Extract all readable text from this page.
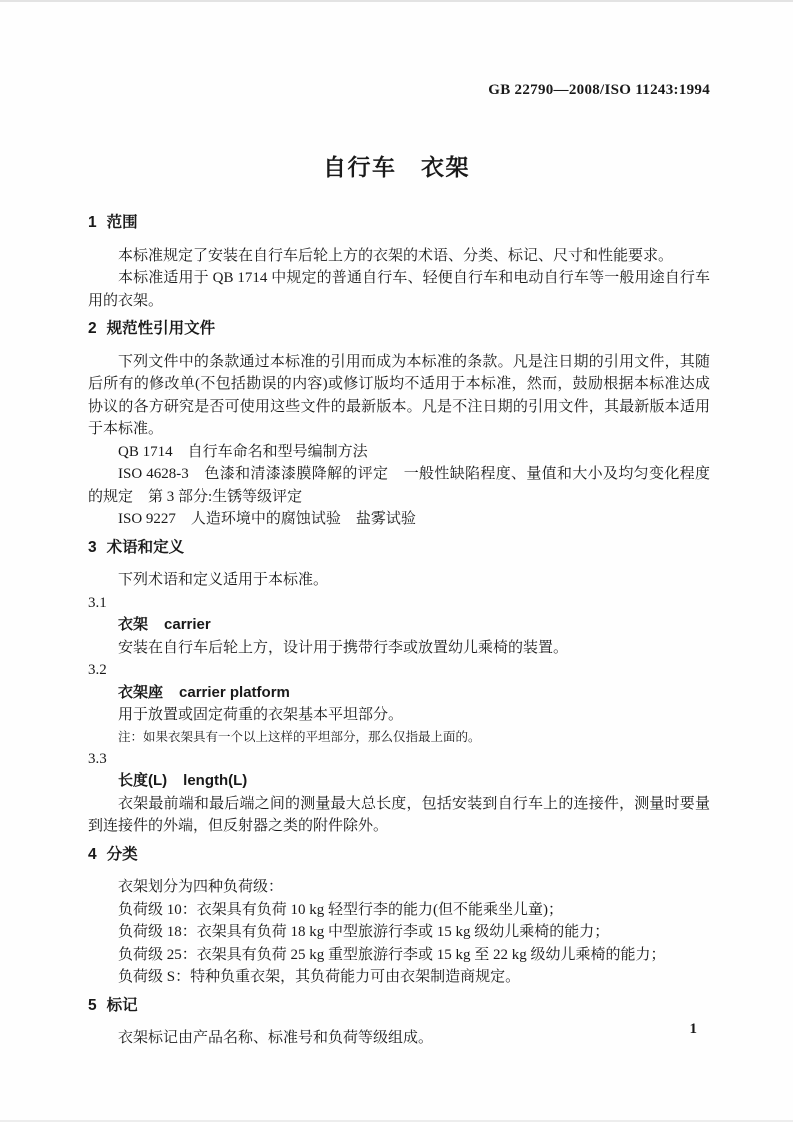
GB 22790—2008/ISO 11243:1994
自行车　衣架
1 范围

本标准规定了安装在自行车后轮上方的衣架的术语、分类、标记、尺寸和性能要求。

本标准适用于 QB 1714 中规定的普通自行车、轻便自行车和电动自行车等一般用途自行车用的衣架。

2 规范性引用文件

下列文件中的条款通过本标准的引用而成为本标准的条款。凡是注日期的引用文件，其随后所有的修改单(不包括勘误的内容)或修订版均不适用于本标准，然而，鼓励根据本标准达成协议的各方研究是否可使用这些文件的最新版本。凡是不注日期的引用文件，其最新版本适用于本标准。

QB 1714　自行车命名和型号编制方法

ISO 4628-3　色漆和清漆漆膜降解的评定　一般性缺陷程度、量值和大小及均匀变化程度的规定　第 3 部分:生锈等级评定

ISO 9227　人造环境中的腐蚀试验　盐雾试验

3 术语和定义

下列术语和定义适用于本标准。

3.1

衣架 carrier

安装在自行车后轮上方，设计用于携带行李或放置幼儿乘椅的装置。

3.2

衣架座 carrier platform

用于放置或固定荷重的衣架基本平坦部分。

注：如果衣架具有一个以上这样的平坦部分，那么仅指最上面的。

3.3

长度(L) length(L)

衣架最前端和最后端之间的测量最大总长度，包括安装到自行车上的连接件，测量时要量到连接件的外端，但反射器之类的附件除外。

4 分类

衣架划分为四种负荷级：

负荷级 10：衣架具有负荷 10 kg 轻型行李的能力(但不能乘坐儿童)；

负荷级 18：衣架具有负荷 18 kg 中型旅游行李或 15 kg 级幼儿乘椅的能力；

负荷级 25：衣架具有负荷 25 kg 重型旅游行李或 15 kg 至 22 kg 级幼儿乘椅的能力；

负荷级 S：特种负重衣架，其负荷能力可由衣架制造商规定。

5 标记

衣架标记由产品名称、标准号和负荷等级组成。

1
